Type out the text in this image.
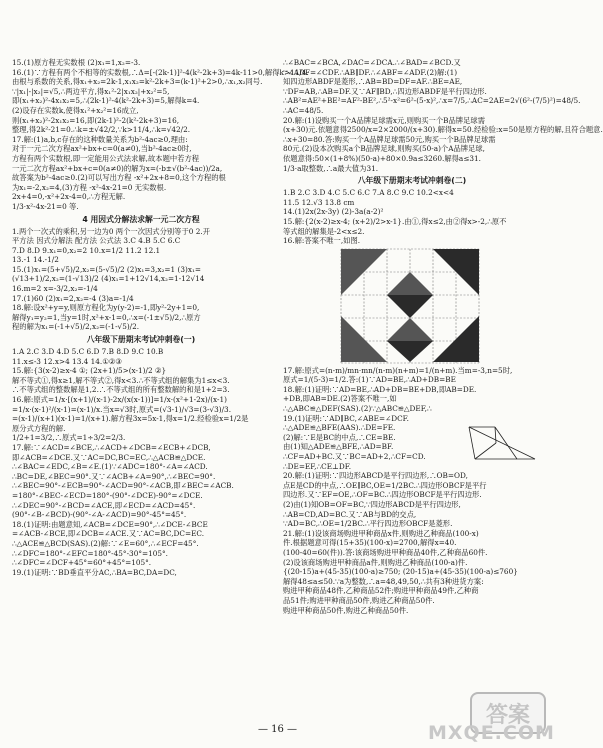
15.(1)原方程无实数根 (2)x₁=1,x₂=-3.
16.(1)∵方程有两个不相等的实数根,∴Δ=[-(2k-1)]²-4(k²-2k+3)=4k-11>0,解得k>11/4.
由根与系数的关系,得x₁+x₂=2k-1,x₁x₂=k²-2k+3=(k-1)²+2>0,∴x₁,x₂同号.
∵|x₁|-|x₂|=√5,∴两边平方,得x₁²-2|x₁x₂|+x₂²=5,
即(x₁+x₂)²-4x₁x₂=5,∴(2k-1)²-4(k²-2k+3)=5,解得k=4.
(2)设存在实数k,使得x₁²+x₂²=16成立,
则(x₁+x₂)²-2x₁x₂=16,即(2k-1)²-2(k²-2k+3)=16,
整理,得2k²-21=0.∴k=±√42/2,∵k>11/4,∴k=√42/2.
17.解:(1)a,b,c存在的这种数量关系为b²-4ac≥0,理由:
对于一元二次方程ax²+bx+c=0(a≠0),当b²-4ac≥0时,
方程有两个实数根,即一定能用公式法求解,故本题中若方程
一元二次方程ax²+bx+c=0(a≠0)的解为x=(-b±√(b²-4ac))/2a,
故答案为b²-4ac≥0.(2)可以写出方程 -x²+2x+8=0,这个方程的根
为x₁=-2,x₂=4,(3)方程 -x²-4x-21=0 无实数根.
2x+4=0,-x²+2x-4=0,∴方程无解.
1/3·x²-4x-21=0 等.
4 用因式分解法求解一元二次方程
1.两个一次式的乘积,另一边为0 两个一次因式分别等于0 2.开
平方法 因式分解法 配方法 公式法 3.C 4.B 5.C 6.C
7.D 8.D 9.x₁=0,x₂=2 10.x=1/2 11.2 12.1
13.-1 14.-1/2
15.(1)x₁=(5+√5)/2,x₂=(5-√5)/2 (2)x₁=3,x₂=1 (3)x₁=
(√13+1)/2,x₂=(1-√13)/2 (4)x₁=1+12√14,x₂=1-12√14
16.m=2 x=-3/2,x₂=-1/4
17.(1)60 (2)x₁=2,x₂=-4 (3)a=-1/4
18.解:设x²+y=y,则原方程化为y(y-2)=-1,即y²-2y+1=0,
解得y₁=y₂=1,当y=1时,x²+x-1=0,∴x=(-1±√5)/2,∴原方
程的解为x₁=(-1+√5)/2,x₂=(-1-√5)/2.
八年级下册期末考试冲刺卷(一)
1.A 2.C 3.D 4.D 5.C 6.D 7.B 8.D 9.C 10.B
11.x≤-3 12.x>4 13.4 14.①②③
15.解:{3(x-2)≥x-4 ①; (2x+1)/5>(x-1)/2 ②}
解不等式①,得x≥1,解不等式②,得x<3.∴不等式组的解集为1≤x<3.
∴不等式组的整数解是1,2.∴不等式组的所有整数解的和是1+2=3.
16.解:原式=1/x·[(x+1)/(x-1)-2x/(x(x-1))]=1/x·(x²+1-2x)/(x-1)
=1/x·(x-1)²/(x-1)=(x-1)/x.当x=√3时,原式=(√3-1)/√3=(3-√3)/3.
=(x-1)/(x+1)(x-1)=1/(x+1).解方程3x=5x-1,得x=1/2.经检验x=1/2是
原分式方程的解.
1/2+1=3/2,∴原式=1÷3/2=2/3.
17.解:∵∠ACD=∠BCE,∴∠ACD+∠DCB=∠ECB+∠DCB,
即∠ACB=∠DCE.又∵AC=DC,BC=EC,∴△ACB≌△DCE.
∴∠BAC=∠EDC,∠B=∠E.(1)∵∠ADC=180°-∠A=∠ACD.
∴BC=DE,∠BEC=90°.又∵∠ACB+∠A=90°,∴∠BEC=90°.
∴∠BEC=90°-∠ECB=90°-∠ACD=90°-∠ACB,即∠BEC=∠ACB.
=180°-∠BEC-∠ECD=180°-(90°-∠DCE)-90°=∠DCE.
∴∠DEC=90°-∠BCD=∠ACE,即∠ECD=∠ACD=45°.
(90°-∠B-∠BCD)-(90°-∠A-∠ACD)=90°-45°=45°.
18.(1)证明:由题意知,∠ACB=∠DCE=90°,∴∠DCE-∠BCE
=∠ACB-∠BCE,即∠DCB=∠ACE.又∵AC=BC,DC=EC.
∴△ACE≌△BCD(SAS).(2)解:∵∠E=60°,∴∠ECF=45°.
∴∠DFC=180°-∠EFC=180°-45°-30°=105°.
∴∠DFC=∠DCF+45°=60°+45°=105°.
19.(1)证明:∵BD垂直平分AC,∴BA=BC,DA=DC,
∴∠BAC=∠BCA,∠DAC=∠DCA.∴∠BAD=∠BCD.又
∵∠ADF=∠CDF.∴AB∥DF.∴∠ABF=∠ADF.(2)解:(1)
知四边形ABDF是菱形,∴AB=BD=DF=AF.∴BE=AE,
∵DF=AB,∴AB=DF.又∵AF∥BD,∴四边形ABDF是平行四边形.
∴AB²=AE²+BE²=AF²-BE²,∴5²-x²=6²-(5-x)²,∴x=7/5,∴AC=2AE=2√(6²-(7/5)²)=48/5.
∴AC=48/5.
20.解:(1)设购买一个A品牌足球需x元,则购买一个B品牌足球需
(x+30)元.依题意得2500/x=2×2000/(x+30).解得x=50.经检验:x=50是原方程的解,且符合题意.
∴x+30=80.答:购买一个A品牌足球需50元,购买一个B品牌足球需
80元.(2)设本次购买a个B品牌足球,则购买(50-a)个A品牌足球,
依题意得:50×(1+8%)(50-a)+80×0.9a≤3260.解得a≤31.
1/3·a取整数,∴a最大值为31.
八年级下册期末考试冲刺卷(二)
1.B 2.C 3.D 4.C 5.C 6.C 7.A 8.C 9.C 10.2<x<4
11.5 12.√3 13.8 cm
14.(1)2x(2x-3y) (2)-3a(a-2)²
15.解:{2(x-2)≥x-4; (x+2)/2>x-1}.由①,得x≤2,由②得x>-2,∴原不
等式组的解集是-2<x≤2.
16.解:答案不唯一,如图.
17.解:原式=(n-m)/mn·mn/(n-m)(n+m)=1/(n+m).当m=-3,n=5时,
原式=1/(5-3)=1/2.答:(1)∵AD=BE,∴AD+DB=BE
18.解:(1)证明:∵AD=BE,∴AD+DB=BE+DB,即AB=DE.
+DB,即AB=DE.(2)答案不唯一,如
∴△ABC≌△DEF(SAS).(2)∵△ABC≌△DEF,∴
19.(1)证明:∵AD∥BC,∠ABE=∠DCF.
∴△ADE≌△BFE(AAS).∴DE=FE.
(2)解:∵E是BC的中点,∴CE=BE.
由(1)知△ADE≌△BFE,∴AD=BF.
∴CF=AD+BC.又∵BC=AD+2,∴CF=CD.
∴DE=EF,∴CE⊥DF.
20.解:(1)证明:∵四边形ABCD是平行四边形,∴OB=OD,
点E是CD的中点,∴OE∥BC,OE=1/2BC.∴四边形OBCF是平行
四边形.又∵EF=OE,∴OF=BC.∴四边形OBCF是平行四边形.
(2)由(1)知OB=OF=BC,∵四边形ABCD是平行四边形,
∴AB=CD,AD=BC.又∵AB与BD的交点,
∵AD=BC,∴OE=1/2BC.∴平行四边形OBCF是菱形.
21.解:(1)设该商场购进甲种商品x件,则购进乙种商品(100-x)
件.根据题意可得(15+35)(100-x)=2700,解得x=40.
(100-40=60(件)).答:该商场购进甲种商品40件,乙种商品60件.
(2)设该商场购进甲种商品a件,则购进乙种商品(100-a)件.
{(20-15)a+(45-35)(100-a)≥750; (20-15)a+(45-35)(100-a)≤760}
解得48≤a≤50.∵a为整数,∴a=48,49,50,∴共有3种进货方案:
购进甲种商品48件,乙种商品52件;购进甲种商品49件,乙种商
品51件;购进甲种商品50件,购进乙种商品50件.
购进甲种商品50件,购进乙种商品50件.
— 16 —
答案
MXQE.COM
